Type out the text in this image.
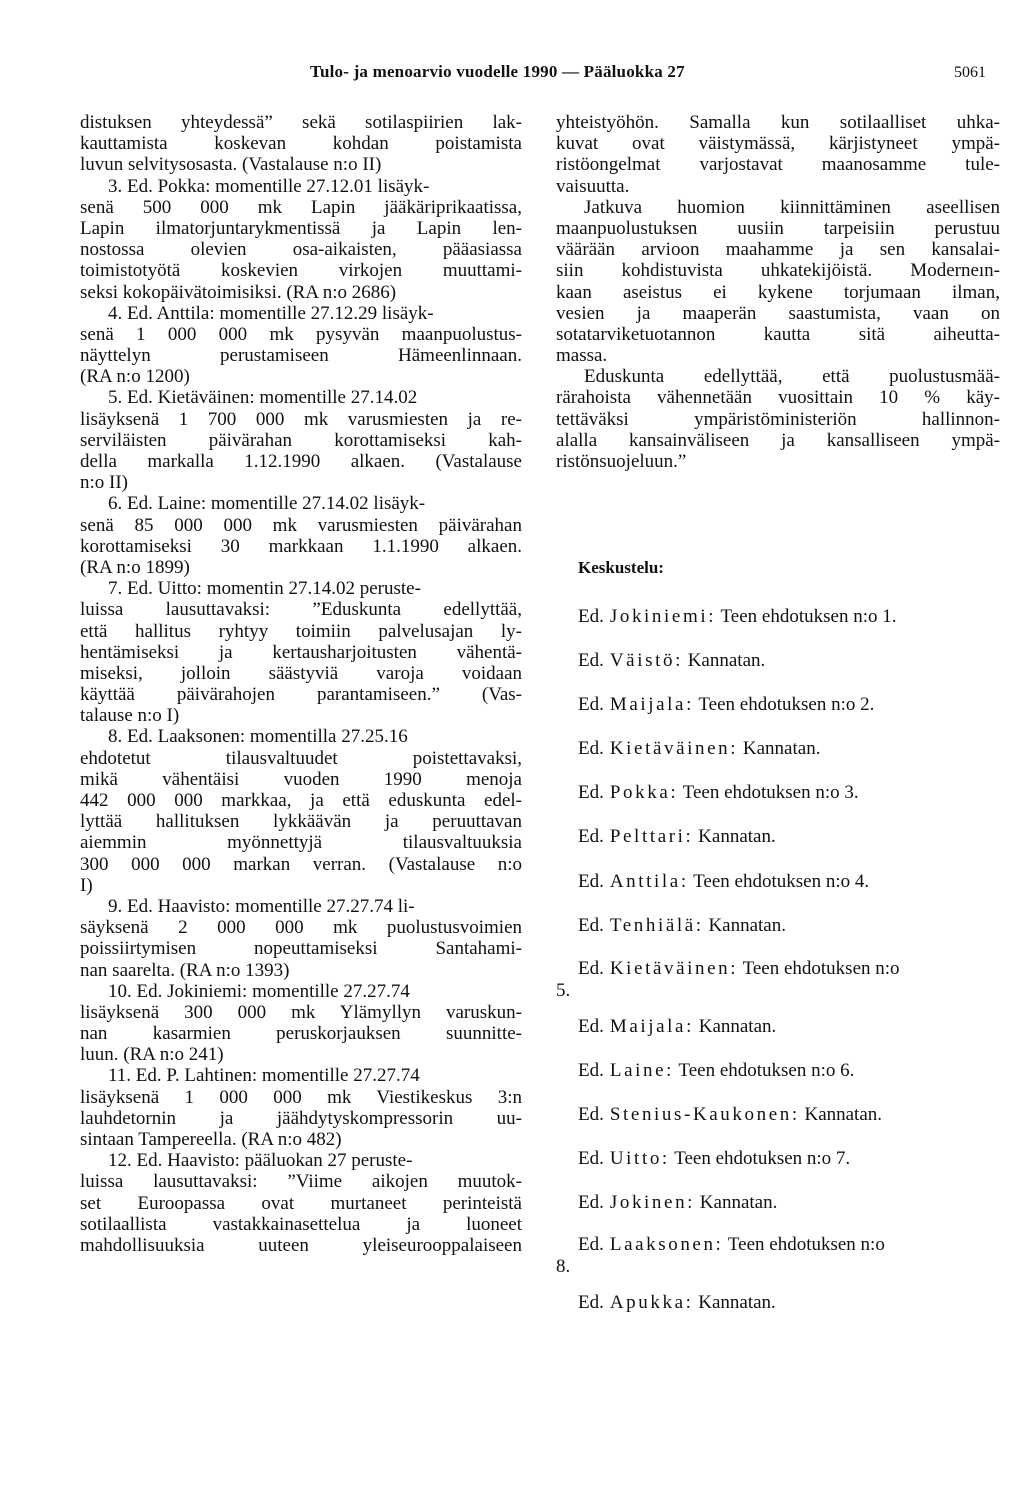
Tulo- ja menoarvio vuodelle 1990 — Pääluokka 27	5061
distuksen yhteydessä” sekä sotilaspiirien lak-
kauttamista koskevan kohdan poistamista
luvun selvitysosasta. (Vastalause n:o II)
3. Ed. Pokka: momentille 27.12.01 lisäyk-
senä 500 000 mk Lapin jääkäriprikaatissa,
Lapin ilmatorjuntarykmentissä ja Lapin len-
nostossa olevien osa-aikaisten, pääasiassa
toimistotyötä koskevien virkojen muuttami-
seksi kokopäivätoimisiksi. (RA n:o 2686)
4. Ed. Anttila: momentille 27.12.29 lisäyk-
senä 1 000 000 mk pysyvän maanpuolustus-
näyttelyn perustamiseen Hämeenlinnaan.
(RA n:o 1200)
5. Ed. Kietäväinen: momentille 27.14.02
lisäyksenä 1 700 000 mk varusmiesten ja re-
serviläisten päivärahan korottamiseksi kah-
della markalla 1.12.1990 alkaen. (Vastalause
n:o II)
6. Ed. Laine: momentille 27.14.02 lisäyk-
senä 85 000 000 mk varusmiesten päivärahan
korottamiseksi 30 markkaan 1.1.1990 alkaen.
(RA n:o 1899)
7. Ed. Uitto: momentin 27.14.02 peruste-
luissa lausuttavaksi: ”Eduskunta edellyttää,
että hallitus ryhtyy toimiin palvelusajan ly-
hentämiseksi ja kertausharjoitusten vähentä-
miseksi, jolloin säästyviä varoja voidaan
käyttää päivärahojen parantamiseen.” (Vas-
talause n:o I)
8. Ed. Laaksonen: momentilla 27.25.16
ehdotetut tilausvaltuudet poistettavaksi,
mikä vähentäisi vuoden 1990 menoja
442 000 000 markkaa, ja että eduskunta edel-
lyttää hallituksen lykkäävän ja peruuttavan
aiemmin myönnettyjä tilausvaltuuksia
300 000 000 markan verran. (Vastalause n:o
I)
9. Ed. Haavisto: momentille 27.27.74 li-
säyksenä 2 000 000 mk puolustusvoimien
poissiirtymisen nopeuttamiseksi Santahami-
nan saarelta. (RA n:o 1393)
10. Ed. Jokiniemi: momentille 27.27.74
lisäyksenä 300 000 mk Ylämyllyn varuskun-
nan kasarmien peruskorjauksen suunnitte-
luun. (RA n:o 241)
11. Ed. P. Lahtinen: momentille 27.27.74
lisäyksenä 1 000 000 mk Viestikeskus 3:n
lauhdetornin ja jäähdytyskompressorin uu-
sintaan Tampereella. (RA n:o 482)
12. Ed. Haavisto: pääluokan 27 peruste-
luissa lausuttavaksi: ”Viime aikojen muutok-
set Euroopassa ovat murtaneet perinteistä
sotilaallista vastakkainasettelua ja luoneet
mahdollisuuksia uuteen yleiseurooppalaiseen
yhteistyöhön. Samalla kun sotilaalliset uhka-
kuvat ovat väistymässä, kärjistyneet ympä-
ristöongelmat varjostavat maanosamme tule-
vaisuutta.
Jatkuva huomion kiinnittäminen aseellisen
maanpuolustuksen uusiin tarpeisiin perustuu
väärään arvioon maahamme ja sen kansalai-
siin kohdistuvista uhkatekijöistä. Moderneın-
kaan aseistus ei kykene torjumaan ilman,
vesien ja maaperän saastumista, vaan on
sotatarviketuotannon kautta sitä aiheutta-
massa.
Eduskunta edellyttää, että puolustusmää-
rärahoista vähennetään vuosittain 10 % käy-
tettäväksi ympäristöministeriön hallinnon-
alalla kansainväliseen ja kansalliseen ympä-
ristönsuojeluun.”
Keskustelu:
Ed. Jokiniemi: Teen ehdotuksen n:o 1.
Ed. Väistö: Kannatan.
Ed. Maijala: Teen ehdotuksen n:o 2.
Ed. Kietäväinen: Kannatan.
Ed. Pokka: Teen ehdotuksen n:o 3.
Ed. Pelttari: Kannatan.
Ed. Anttila: Teen ehdotuksen n:o 4.
Ed. Tenhiälä: Kannatan.
Ed. Kietäväinen: Teen ehdotuksen n:o
5.
Ed. Maijala: Kannatan.
Ed. Laine: Teen ehdotuksen n:o 6.
Ed. Stenius-Kaukonen: Kannatan.
Ed. Uitto: Teen ehdotuksen n:o 7.
Ed. Jokinen: Kannatan.
Ed. Laaksonen: Teen ehdotuksen n:o
8.
Ed. Apukka: Kannatan.
